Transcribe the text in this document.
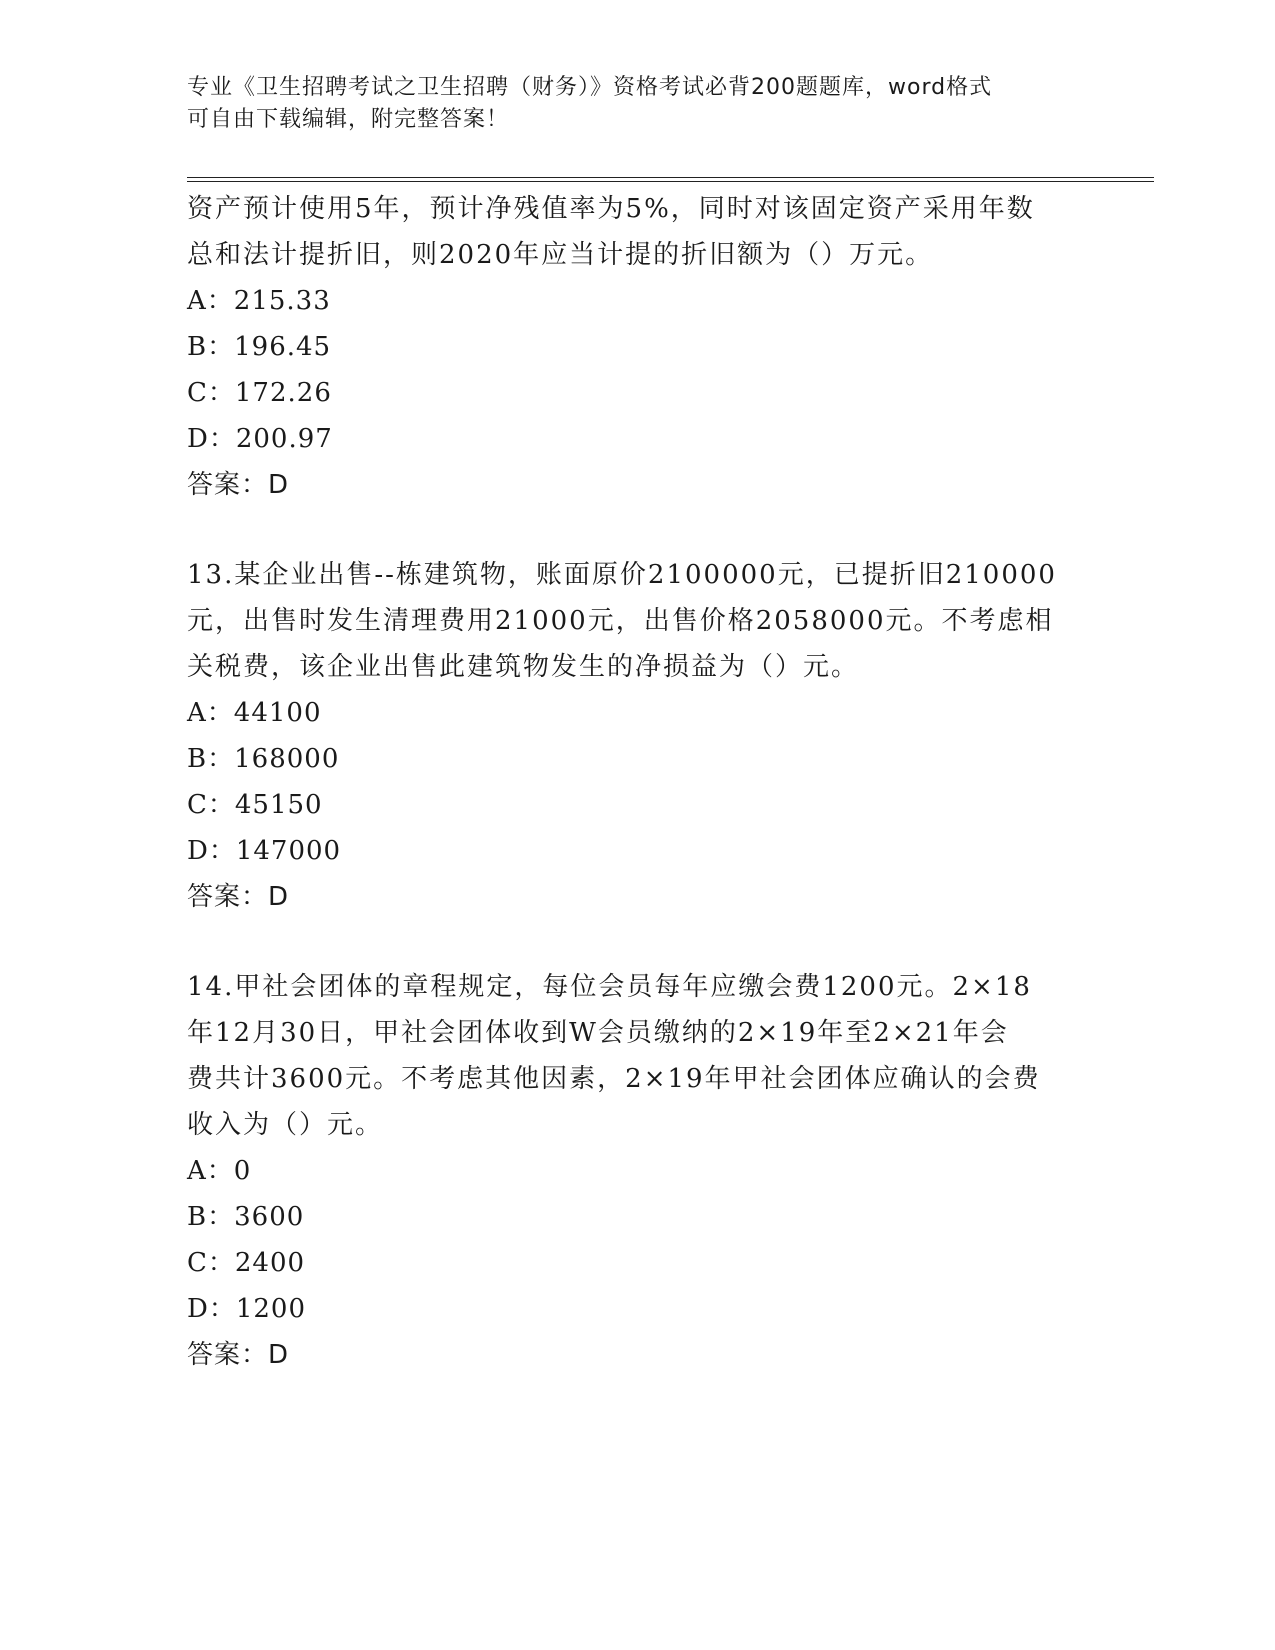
专业《卫生招聘考试之卫生招聘（财务）》资格考试必背200题题库，word格式
可自由下载编辑，附完整答案！
资产预计使用5年，预计净残值率为5%，同时对该固定资产采用年数
总和法计提折旧，则2020年应当计提的折旧额为（）万元。
A：215.33
B：196.45
C：172.26
D：200.97
答案：D
13.某企业出售--栋建筑物，账面原价2100000元，已提折旧210000
元，出售时发生清理费用21000元，出售价格2058000元。不考虑相
关税费，该企业出售此建筑物发生的净损益为（）元。
A：44100
B：168000
C：45150
D：147000
答案：D
14.甲社会团体的章程规定，每位会员每年应缴会费1200元。2×18
年12月30日，甲社会团体收到W会员缴纳的2×19年至2×21年会
费共计3600元。不考虑其他因素，2×19年甲社会团体应确认的会费
收入为（）元。
A：0
B：3600
C：2400
D：1200
答案：D
